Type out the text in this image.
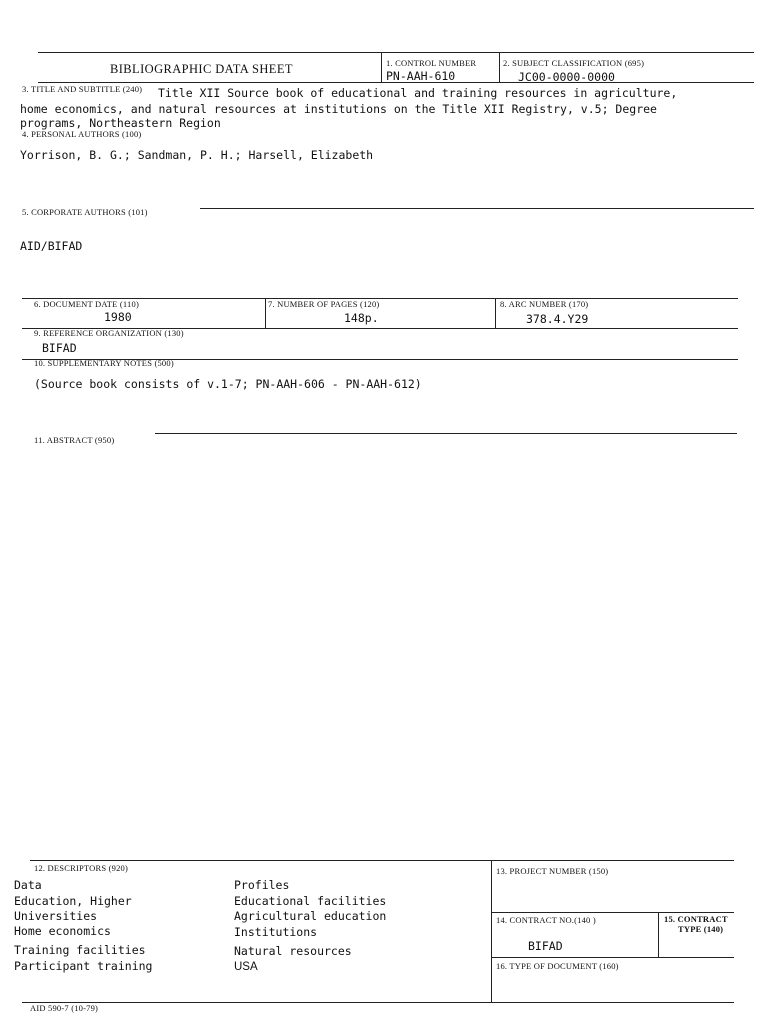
BIBLIOGRAPHIC DATA SHEET	1. CONTROL NUMBER
PN-AAH-610
2. SUBJECT CLASSIFICATION (695)
JC00-0000-0000
3. TITLE AND SUBTITLE (240) Title XII Source book of educational and training resources in agriculture,
home economics, and natural resources at institutions on the Title XII Registry, v.5; Degree
programs, Northeastern Region
4. PERSONAL AUTHORS (100)
Yorrison, B. G.; Sandman, P. H.; Harsell, Elizabeth
5. CORPORATE AUTHORS (101)
AID/BIFAD
6. DOCUMENT DATE (110)
1980
7. NUMBER OF PAGES (120)
148p.
8. ARC NUMBER (170)
378.4.Y29
9. REFERENCE ORGANIZATION (130)
BIFAD
10. SUPPLEMENTARY NOTES (500)
(Source book consists of v.1-7; PN-AAH-606 - PN-AAH-612)
11. ABSTRACT (950)
12. DESCRIPTORS (920)	13. PROJECT NUMBER (150)
Data
Education, Higher
Universities
Home economics
Training facilities
Participant training
Profiles
Educational facilities
Agricultural education
Institutions
Natural resources
USA
14. CONTRACT NO.(140 )
BIFAD
15. CONTRACT
TYPE (140)
16. TYPE OF DOCUMENT (160)
AID 590-7 (10-79)
